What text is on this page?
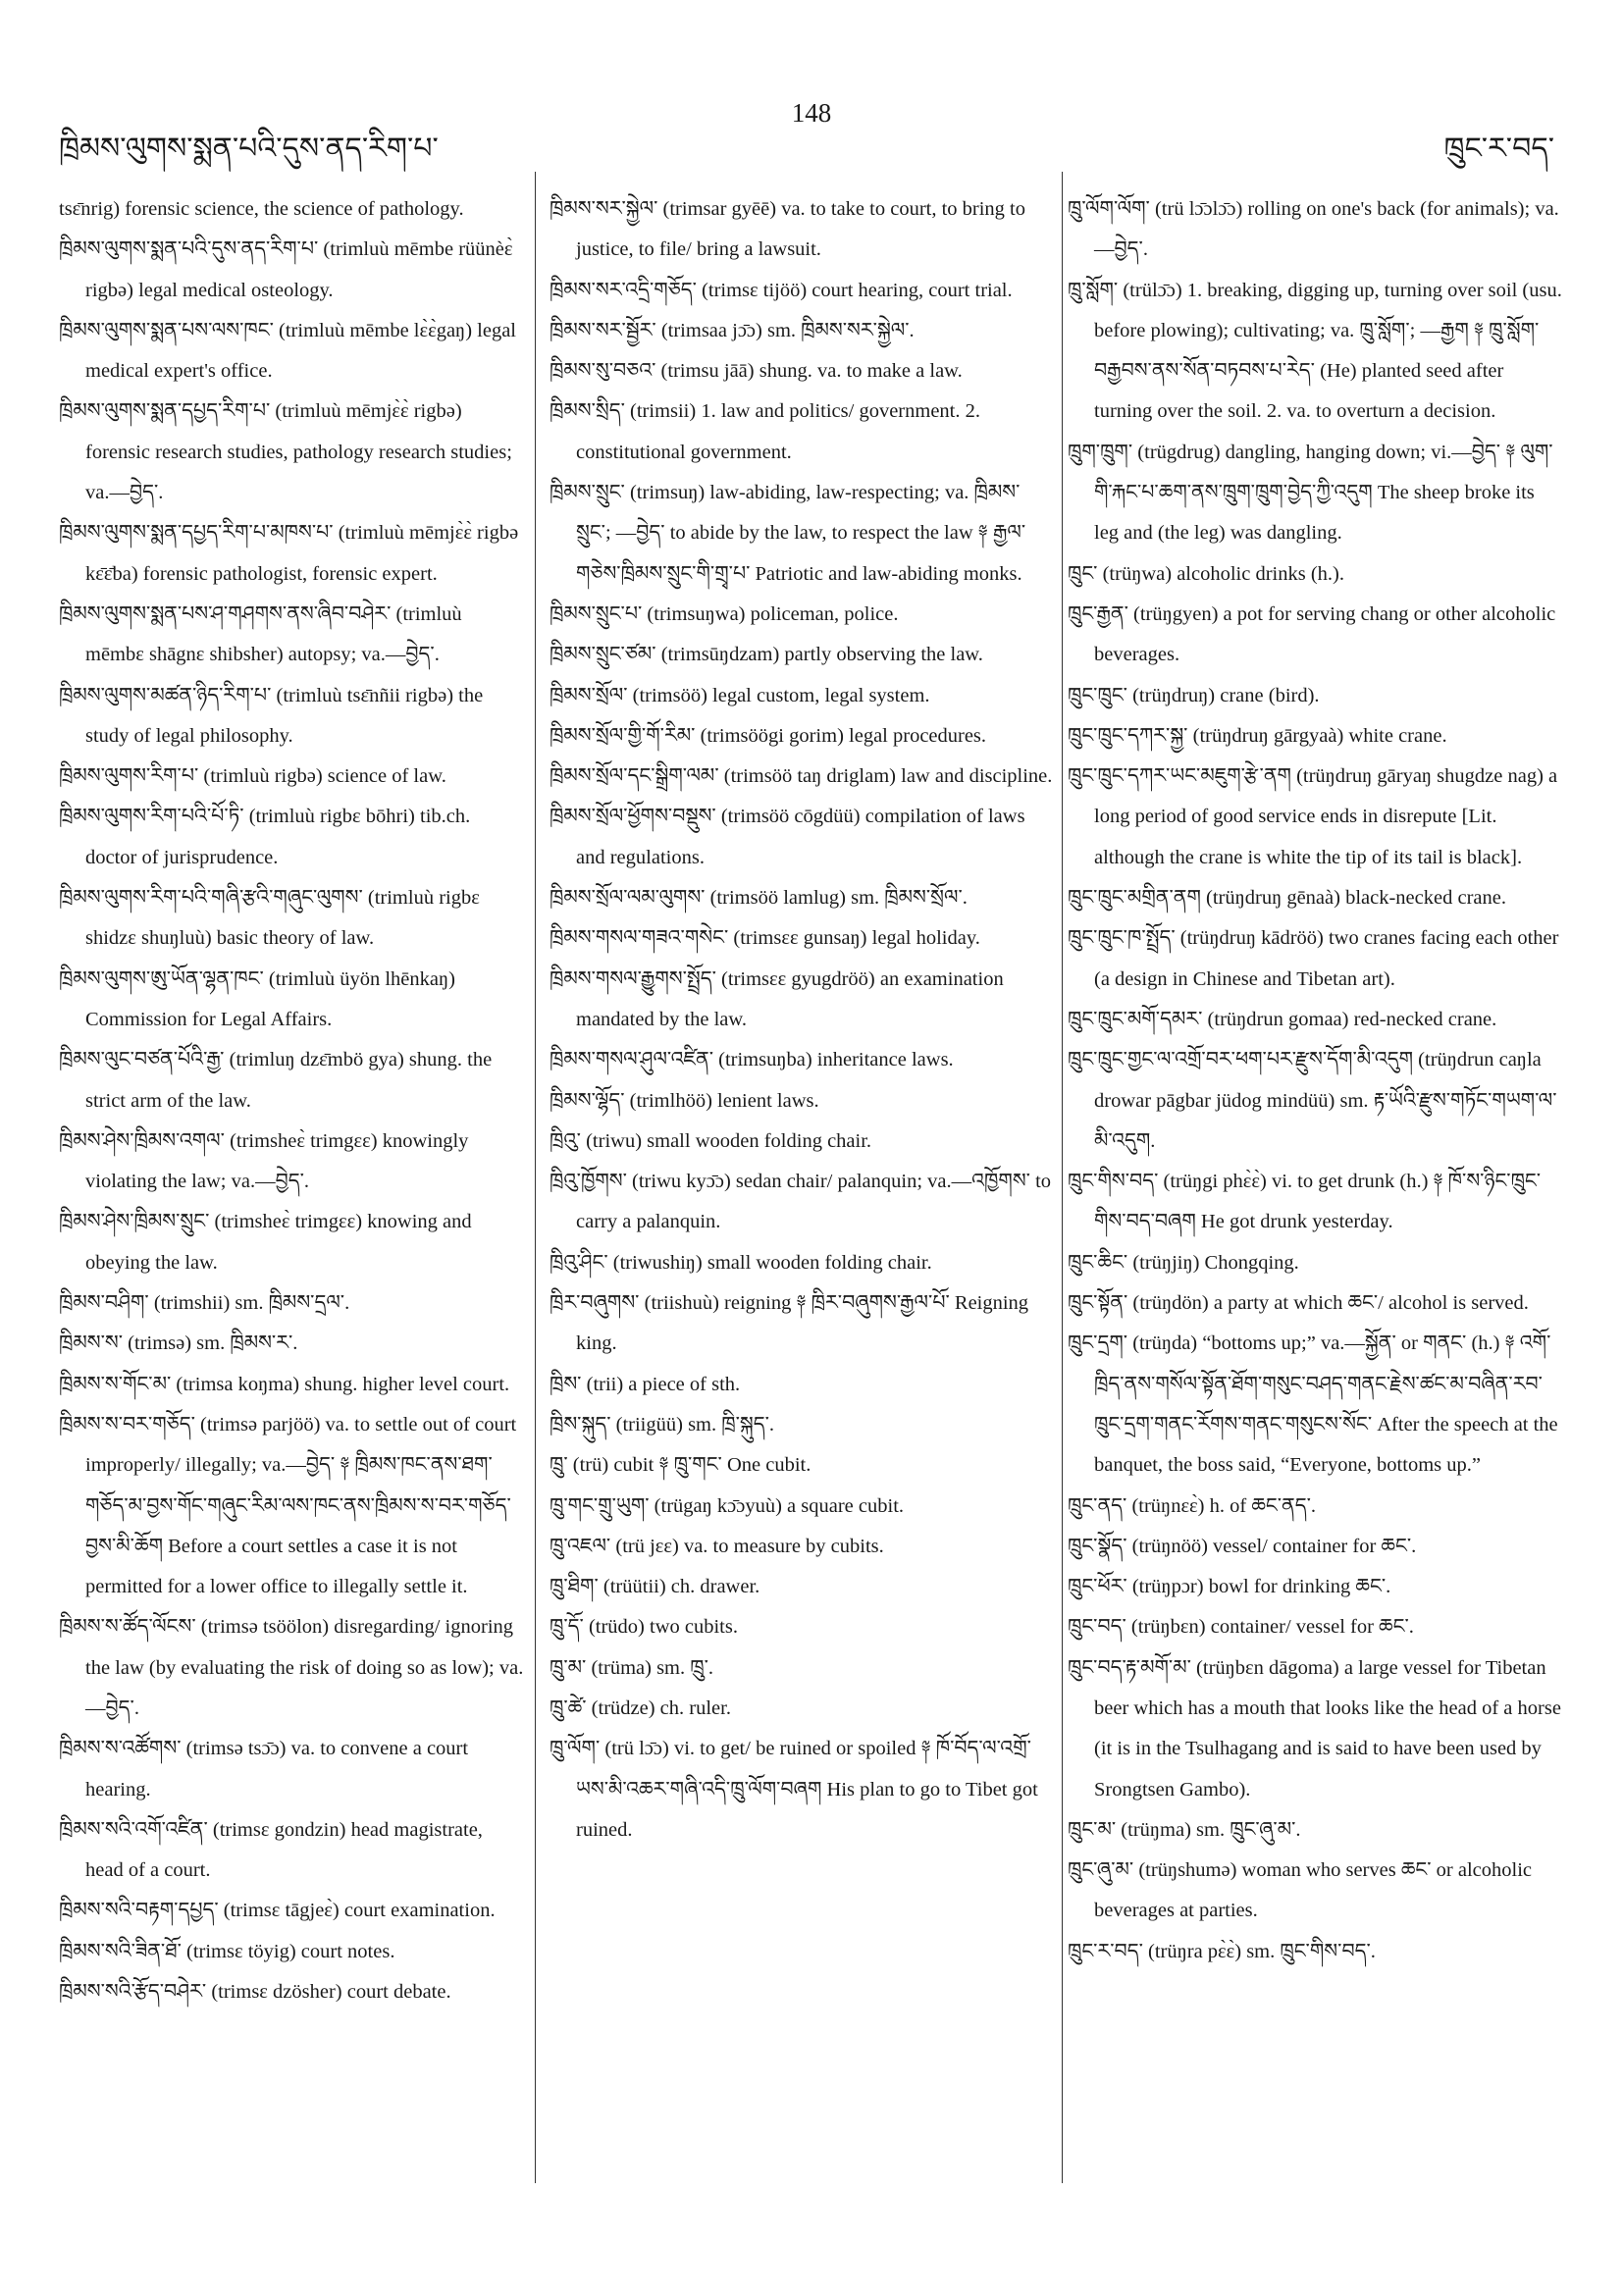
ཁྲིམས་ལུགས་སྨན་པའི་དུས་ནད་རིག་པ་
148
ཁྲུང་ར་བད་

tsɛ̄nrig) forensic science, the science of pathology.

ཁྲིམས་ལུགས་སྨན་པའི་དུས་ནད་རིག་པ་ (trimluù mēmbe rüünèɛ̀ rigbə) legal medical osteology.

ཁྲིམས་ལུགས་སྨན་པས་ལས་ཁང་ (trimluù mēmbe lɛ̀ɛ̀gaŋ) legal medical expert's office.

ཁྲིམས་ལུགས་སྨན་དཔྱད་རིག་པ་ (trimluù mēmjɛ̀ɛ̀ rigbə) forensic research studies, pathology research studies; va.—བྱེད་.

ཁྲིམས་ལུགས་སྨན་དཔྱད་རིག་པ་མཁས་པ་ (trimluù mēmjɛ̀ɛ̀ rigbə kɛ̄ɛ̄ba) forensic pathologist, forensic expert.

ཁྲིམས་ལུགས་སྨན་པས་ཤ་གཤགས་ནས་ཞིབ་བཤེར་ (trimluù mēmbɛ shāgnɛ shibsher) autopsy; va.—བྱེད་.

ཁྲིམས་ལུགས་མཚན་ཉིད་རིག་པ་ (trimluù tsɛ̄nñii rigbə) the study of legal philosophy.

ཁྲིམས་ལུགས་རིག་པ་ (trimluù rigbə) science of law.

ཁྲིམས་ལུགས་རིག་པའི་པོ་ཏི་ (trimluù rigbɛ bōhri) tib.ch. doctor of jurisprudence.

ཁྲིམས་ལུགས་རིག་པའི་གཞི་རྩའི་གཞུང་ལུགས་ (trimluù rigbɛ shidzɛ shuŋluù) basic theory of law.

ཁྲིམས་ལུགས་ཨུ་ཡོན་ལྷན་ཁང་ (trimluù üyön lhēnkaŋ) Commission for Legal Affairs.

ཁྲིམས་ལུང་བཙན་པོའི་རྒྱ་ (trimluŋ dzɛ̄mbö gya) shung. the strict arm of the law.

ཁྲིམས་ཤེས་ཁྲིམས་འགལ་ (trimsheɛ̀ trimgɛɛ) knowingly violating the law; va.—བྱེད་.

ཁྲིམས་ཤེས་ཁྲིམས་སྲུང་ (trimsheɛ̀ trimgɛɛ) knowing and obeying the law.

ཁྲིམས་བཤིག་ (trimshii) sm. ཁྲིམས་དྲལ་.

ཁྲིམས་ས་ (trimsə) sm. ཁྲིམས་ར་.

ཁྲིམས་ས་གོང་མ་ (trimsa koŋma) shung. higher level court.

ཁྲིམས་ས་བར་གཅོད་ (trimsə parjöö) va. to settle out of court improperly/ illegally; va.—བྱེད་ ༈ ཁྲིམས་ཁང་ནས་ཐག་གཅོད་མ་བྱས་གོང་གཞུང་རིམ་ལས་ཁང་ནས་ཁྲིམས་ས་བར་གཅོད་བྱས་མི་ཆོག Before a court settles a case it is not permitted for a lower office to illegally settle it.

ཁྲིམས་ས་ཚོད་ལོངས་ (trimsə tsöölon) disregarding/ ignoring the law (by evaluating the risk of doing so as low); va.—བྱེད་.

ཁྲིམས་ས་འཚོགས་ (trimsə tsɔ̄ɔ) va. to convene a court hearing.

ཁྲིམས་སའི་འགོ་འཛིན་ (trimsɛ gondzin) head magistrate, head of a court.

ཁྲིམས་སའི་བརྟག་དཔྱད་ (trimsɛ tāgjeɛ̀) court examination.

ཁྲིམས་སའི་ཟིན་ཐོ་ (trimsɛ töyig) court notes.

ཁྲིམས་སའི་རྩོད་བཤེར་ (trimsɛ dzösher) court debate.

ཁྲིམས་སར་སྐྱེལ་ (trimsar gyēē) va. to take to court, to bring to justice, to file/ bring a lawsuit.

ཁྲིམས་སར་འདྲི་གཅོད་ (trimsɛ tijöö) court hearing, court trial.

ཁྲིམས་སར་སྦྱོར་ (trimsaa jɔ̄ɔ) sm. ཁྲིམས་སར་སྐྱེལ་.

ཁྲིམས་སུ་བཅའ་ (trimsu jāā) shung. va. to make a law.

ཁྲིམས་སྲིད་ (trimsii) 1. law and politics/ government. 2. constitutional government.

ཁྲིམས་སྲུང་ (trimsuŋ) law-abiding, law-respecting; va. ཁྲིམས་སྲུང་; —བྱེད་ to abide by the law, to respect the law ༈ རྒྱལ་གཅེས་ཁྲིམས་སྲུང་གི་གྲྭ་པ་ Patriotic and law-abiding monks.

ཁྲིམས་སྲུང་པ་ (trimsuŋwa) policeman, police.

ཁྲིམས་སྲུང་ཙམ་ (trimsūŋdzam) partly observing the law.

ཁྲིམས་སྲོལ་ (trimsöö) legal custom, legal system.

ཁྲིམས་སྲོལ་གྱི་གོ་རིམ་ (trimsöögi gorim) legal procedures.

ཁྲིམས་སྲོལ་དང་སྒྲིག་ལམ་ (trimsöö taŋ driglam) law and discipline.

ཁྲིམས་སྲོལ་ཕྱོགས་བསྡུས་ (trimsöö cōgdüü) compilation of laws and regulations.

ཁྲིམས་སྲོལ་ལམ་ལུགས་ (trimsöö lamlug) sm. ཁྲིམས་སྲོལ་.

ཁྲིམས་གསལ་གཟའ་གསེང་ (trimsɛɛ gunsaŋ) legal holiday.

ཁྲིམས་གསལ་རྒྱུགས་སྤྲོད་ (trimsɛɛ gyugdröö) an examination mandated by the law.

ཁྲིམས་གསལ་ཤུལ་འཛིན་ (trimsuŋba) inheritance laws.

ཁྲིམས་ལྷོད་ (trimlhöö) lenient laws.

ཁྲིའུ་ (triwu) small wooden folding chair.

ཁྲིའུ་ཁྱོགས་ (triwu kyɔ̄ɔ) sedan chair/ palanquin; va.—འཁྱོགས་ to carry a palanquin.

ཁྲིའུ་ཤིང་ (triwushiŋ) small wooden folding chair.

ཁྲིར་བཞུགས་ (triishuù) reigning ༈ ཁྲིར་བཞུགས་རྒྱལ་པོ་ Reigning king.

ཁྲིས་ (trii) a piece of sth.

ཁྲིས་སྐུད་ (triigüü) sm. ཁྲི་སྐུད་.

ཁྲུ་ (trü) cubit ༈ ཁྲུ་གང་ One cubit.

ཁྲུ་གང་གྲུ་ཡུག་ (trügaŋ kɔ̄ɔyuù) a square cubit.

ཁྲུ་འཇལ་ (trü jɛɛ) va. to measure by cubits.

ཁྲུ་ཐིག་ (trüütii) ch. drawer.

ཁྲུ་དོ་ (trüdo) two cubits.

ཁྲུ་མ་ (trüma) sm. ཁྲུ་.

ཁྲུ་ཚེ་ (trüdze) ch. ruler.

ཁྲུ་ལོག་ (trü lɔ̄ɔ) vi. to get/ be ruined or spoiled ༈ ཁོ་བོད་ལ་འགྲོ་ཡས་མི་འཆར་གཞི་འདི་ཁྲུ་ལོག་བཞག His plan to go to Tibet got ruined.

ཁྲུ་ལོག་ལོག་ (trü lɔ̄ɔlɔ̄ɔ) rolling on one's back (for animals); va.—བྱེད་.

ཁྲུ་སློག་ (trülɔ̄ɔ) 1. breaking, digging up, turning over soil (usu. before plowing); cultivating; va. ཁྲུ་སློག་; —རྒྱག ༈ ཁྲུ་སློག་བརྒྱབས་ནས་སོན་བཏབས་པ་རེད་ (He) planted seed after turning over the soil. 2. va. to overturn a decision.

ཁྲུག་ཁྲུག་ (trügdrug) dangling, hanging down; vi.—བྱེད་ ༈ ལུག་གི་རྐང་པ་ཆག་ནས་ཁྲུག་ཁྲུག་བྱེད་ཀྱི་འདུག The sheep broke its leg and (the leg) was dangling.

ཁྲུང་ (trüŋwa) alcoholic drinks (h.).

ཁྲུང་རྒྱན་ (trüŋgyen) a pot for serving chang or other alcoholic beverages.

ཁྲུང་ཁྲུང་ (trüŋdruŋ) crane (bird).

ཁྲུང་ཁྲུང་དཀར་སྐྱ་ (trüŋdruŋ gārgyaà) white crane.

ཁྲུང་ཁྲུང་དཀར་ཡང་མཇུག་རྩེ་ནག (trüŋdruŋ gāryaŋ shugdze nag) a long period of good service ends in disrepute [Lit. although the crane is white the tip of its tail is black].

ཁྲུང་ཁྲུང་མགྲིན་ནག (trüŋdruŋ gēnaà) black-necked crane.

ཁྲུང་ཁྲུང་ཁ་སྤྲོད་ (trüŋdruŋ kādröö) two cranes facing each other (a design in Chinese and Tibetan art).

ཁྲུང་ཁྲུང་མགོ་དམར་ (trüŋdrun gomaa) red-necked crane.

ཁྲུང་ཁྲུང་གྱང་ལ་འགྲོ་བར་ཕག་པར་རྫུས་དོག་མི་འདུག (trüŋdrun caŋla drowar pāgbar jüdog mindüü) sm. རྟ་ཡོའི་རྫུས་གཏོང་གཡག་ལ་མི་འདུག.

ཁྲུང་གིས་བད་ (trüŋgi phɛ̀ɛ̀) vi. to get drunk (h.) ༈ ཁོ་ས་ཉིང་ཁྲུང་གིས་བད་བཞག He got drunk yesterday.

ཁྲུང་ཆིང་ (trüŋjiŋ) Chongqing.

ཁྲུང་སྟོན་ (trüŋdön) a party at which ཆང་/ alcohol is served.

ཁྲུང་དྲག་ (trüŋda) “bottoms up;” va.—སྐྱོན་ or གནང་ (h.) ༈ འགོ་ཁྲིད་ནས་གསོལ་སྟོན་ཐོག་གསུང་བཤད་གནང་རྗེས་ཚང་མ་བཞིན་རབ་ཁྲུང་དྲག་གནང་རོགས་གནང་གསུངས་སོང་ After the speech at the banquet, the boss said, “Everyone, bottoms up.”

ཁྲུང་ནད་ (trüŋnɛɛ̀) h. of ཆང་ནད་.

ཁྲུང་སྣོད་ (trüŋnöö) vessel/ container for ཆང་.

ཁྲུང་ཕོར་ (trüŋpɔr) bowl for drinking ཆང་.

ཁྲུང་བད་ (trüŋbɛn) container/ vessel for ཆང་.

ཁྲུང་བད་རྟ་མགོ་མ་ (trüŋbɛn dāgoma) a large vessel for Tibetan beer which has a mouth that looks like the head of a horse (it is in the Tsulhagang and is said to have been used by Srongtsen Gambo).

ཁྲུང་མ་ (trüŋma) sm. ཁྲུང་ཞུ་མ་.

ཁྲུང་ཞུ་མ་ (trüŋshumə) woman who serves ཆང་ or alcoholic beverages at parties.

ཁྲུང་ར་བད་ (trüŋra pɛ̀ɛ̀) sm. ཁྲུང་གིས་བད་.
